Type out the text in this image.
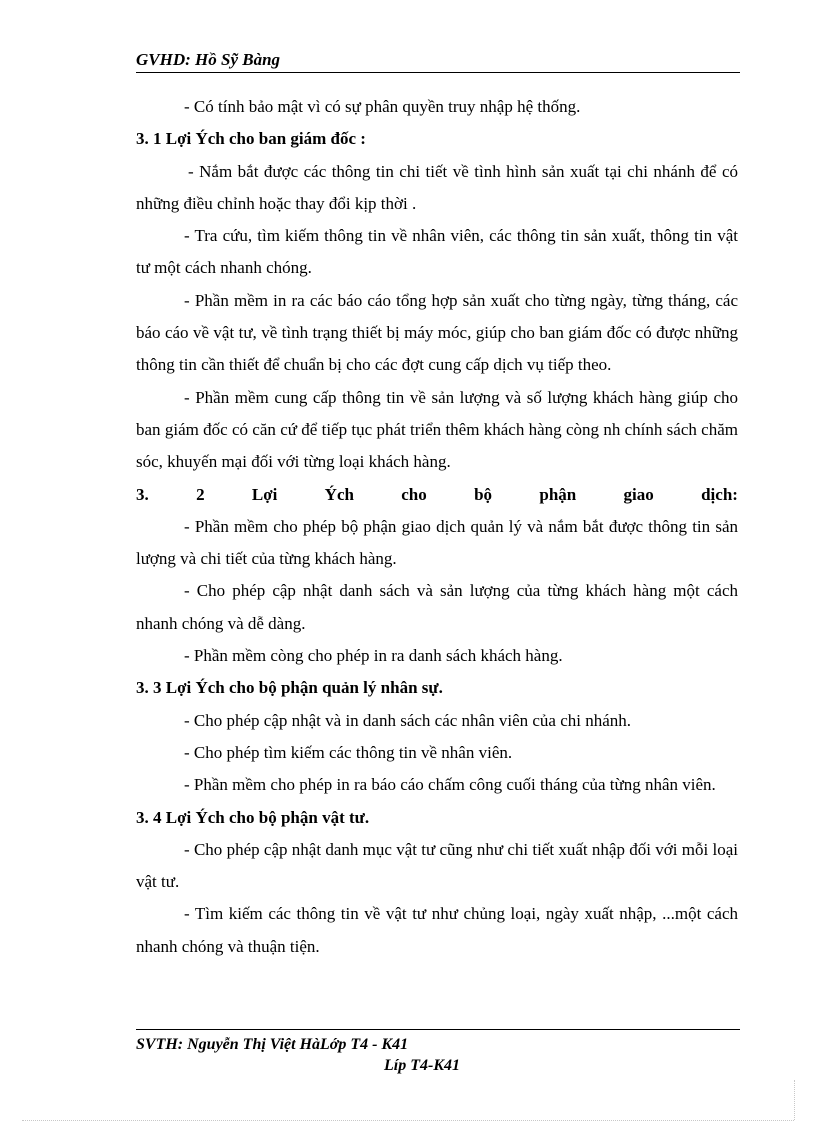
GVHD: Hồ Sỹ Bàng

- Có tính bảo mật vì có sự phân quyền truy nhập hệ thống.

3. 1 Lợi Ých cho ban giám đốc :

- Nắm bắt được các thông tin chi tiết về tình hình sản xuất tại chi nhánh để có những điều chỉnh hoặc thay đổi kịp thời .

- Tra cứu, tìm kiếm thông tin về nhân viên, các thông tin sản xuất, thông tin vật tư một cách nhanh chóng.

- Phần mềm in ra các báo cáo tổng hợp sản xuất cho từng ngày, từng tháng, các báo cáo về vật tư, về tình trạng thiết bị máy móc, giúp cho ban giám đốc có được những thông tin cần thiết để chuẩn bị cho các đợt cung cấp dịch vụ tiếp theo.

- Phần mềm cung cấp thông tin về sản lượng và số lượng khách hàng giúp cho ban giám đốc có căn cứ để tiếp tục phát triển thêm khách hàng còng nh chính sách chăm sóc, khuyến mại đối với từng loại khách hàng.

3.	2	Lợi	Ých	cho	bộ	phận	giao	dịch:

- Phần mềm cho phép bộ phận giao dịch quản lý và nắm bắt được thông tin sản lượng và chi tiết của từng khách hàng.

- Cho phép cập nhật danh sách và sản lượng của từng khách hàng một cách nhanh chóng và dễ dàng.

- Phần mềm còng cho phép in ra danh sách khách hàng.

3. 3 Lợi Ých cho bộ phận quản lý nhân sự.

- Cho phép cập nhật và in danh sách các nhân viên của chi nhánh.

- Cho phép tìm kiếm các thông tin về nhân viên.

- Phần mềm cho phép in ra báo cáo chấm công cuối tháng của từng nhân viên.

3. 4 Lợi Ých cho bộ phận vật tư.

- Cho phép cập nhật danh mục vật tư cũng như chi tiết xuất nhập đối với mỗi loại vật tư.

- Tìm kiếm các thông tin về vật tư như chủng loại, ngày xuất nhập, ...một cách nhanh chóng và thuận tiện.

SVTH: Nguyễn Thị Việt HàLớp T4 - K41
Líp T4-K41
